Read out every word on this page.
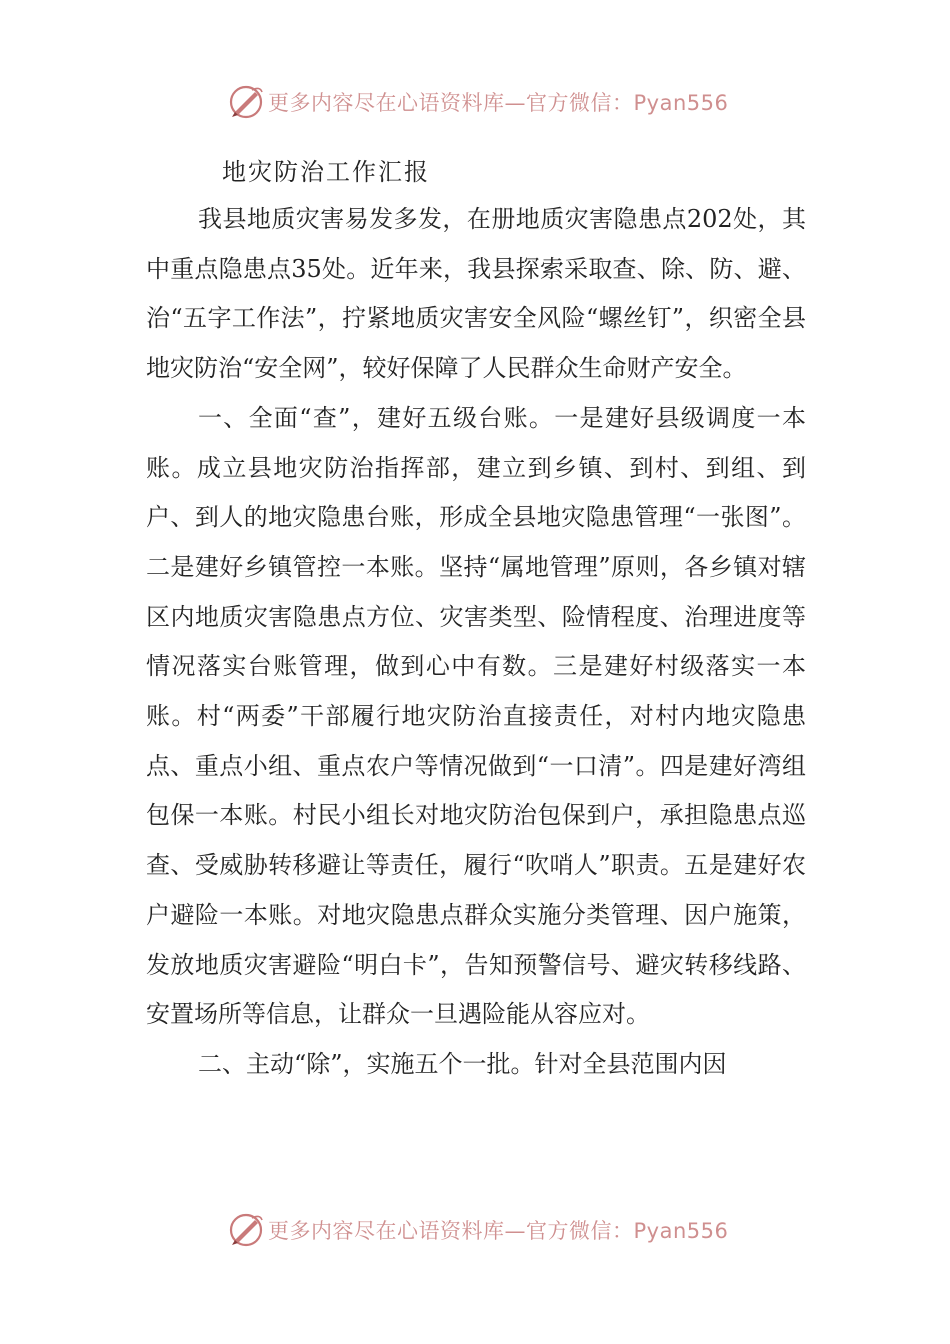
更多内容尽在心语资料库—官方微信：Pyan556
地灾防治工作汇报

我县地质灾害易发多发，在册地质灾害隐患点202处，其中重点隐患点35处。近年来，我县探索采取查、除、防、避、治“五字工作法”，拧紧地质灾害安全风险“螺丝钉”，织密全县地灾防治“安全网”，较好保障了人民群众生命财产安全。

一、全面“查”，建好五级台账。一是建好县级调度一本账。成立县地灾防治指挥部，建立到乡镇、到村、到组、到户、到人的地灾隐患台账，形成全县地灾隐患管理“一张图”。二是建好乡镇管控一本账。坚持“属地管理”原则，各乡镇对辖区内地质灾害隐患点方位、灾害类型、险情程度、治理进度等情况落实台账管理，做到心中有数。三是建好村级落实一本账。村“两委”干部履行地灾防治直接责任，对村内地灾隐患点、重点小组、重点农户等情况做到“一口清”。四是建好湾组包保一本账。村民小组长对地灾防治包保到户，承担隐患点巡查、受威胁转移避让等责任，履行“吹哨人”职责。五是建好农户避险一本账。对地灾隐患点群众实施分类管理、因户施策，发放地质灾害避险“明白卡”，告知预警信号、避灾转移线路、安置场所等信息，让群众一旦遇险能从容应对。

二、主动“除”，实施五个一批。针对全县范围内因

更多内容尽在心语资料库—官方微信：Pyan556
